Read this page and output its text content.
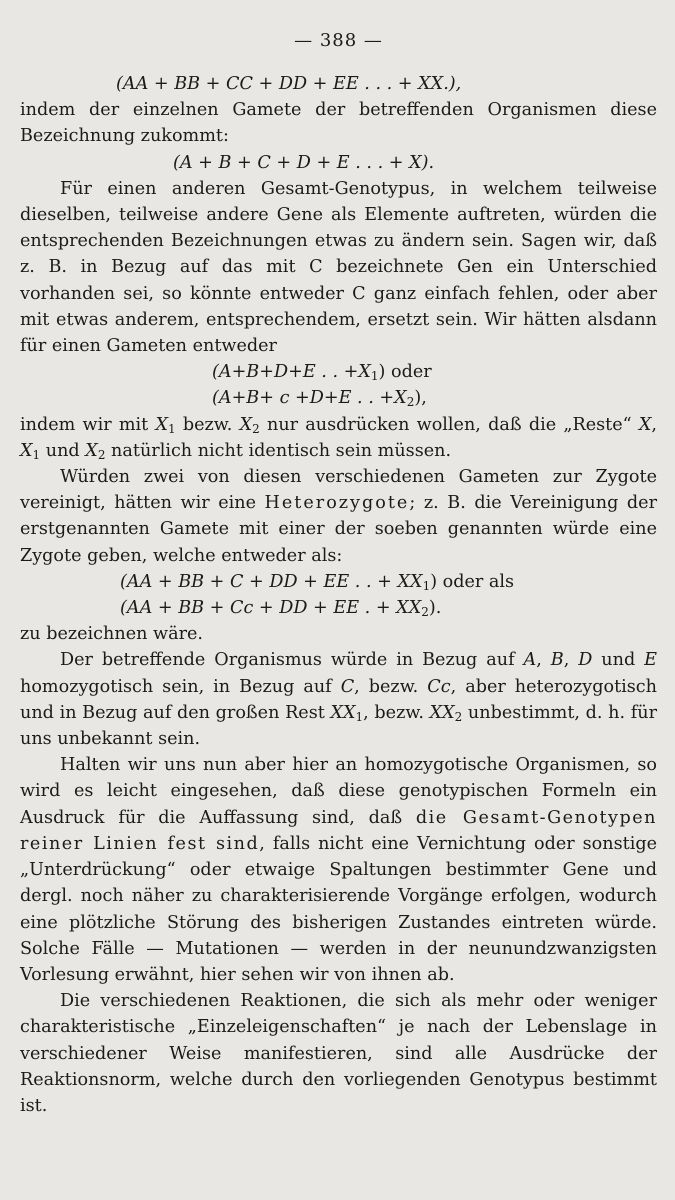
— 388 —
(AA + BB + CC + DD + EE . . . + XX.),

indem der einzelnen Gamete der betreffenden Organismen diese Bezeichnung zukommt:

(A + B + C + D + E . . . + X).

Für einen anderen Gesamt-Genotypus, in welchem teilweise dieselben, teilweise andere Gene als Elemente auftreten, würden die entsprechenden Bezeichnungen etwas zu ändern sein. Sagen wir, daß z. B. in Bezug auf das mit C bezeichnete Gen ein Unterschied vorhanden sei, so könnte entweder C ganz einfach fehlen, oder aber mit etwas anderem, entsprechendem, ersetzt sein. Wir hätten alsdann für einen Gameten entweder

(A+B+D+E . . $+X_1$) oder
(A+B+ c +D+E . . $+X_2$),

indem wir mit $X_1$ bezw. $X_2$ nur ausdrücken wollen, daß die „Reste“ X, $X_1$ und $X_2$ natürlich nicht identisch sein müssen.

Würden zwei von diesen verschiedenen Gameten zur Zygote vereinigt, hätten wir eine Heterozygote; z. B. die Vereinigung der erstgenannten Gamete mit einer der soeben genannten würde eine Zygote geben, welche entweder als:

(AA + BB + C + DD + EE . . + $XX_1$) oder als
(AA + BB + Cc + DD + EE . + $XX_2$).

zu bezeichnen wäre.

Der betreffende Organismus würde in Bezug auf A, B, D und E homozygotisch sein, in Bezug auf C, bezw. Cc, aber heterozygotisch und in Bezug auf den großen Rest $XX_1$, bezw. $XX_2$ unbestimmt, d. h. für uns unbekannt sein.

Halten wir uns nun aber hier an homozygotische Organismen, so wird es leicht eingesehen, daß diese genotypischen Formeln ein Ausdruck für die Auffassung sind, daß die Gesamt-Genotypen reiner Linien fest sind, falls nicht eine Vernichtung oder sonstige „Unterdrückung“ oder etwaige Spaltungen bestimmter Gene und dergl. noch näher zu charakterisierende Vorgänge erfolgen, wodurch eine plötzliche Störung des bisherigen Zustandes eintreten würde. Solche Fälle — Mutationen — werden in der neunundzwanzigsten Vorlesung erwähnt, hier sehen wir von ihnen ab.

Die verschiedenen Reaktionen, die sich als mehr oder weniger charakteristische „Einzeleigenschaften“ je nach der Lebenslage in verschiedener Weise manifestieren, sind alle Ausdrücke der Reaktionsnorm, welche durch den vorliegenden Genotypus bestimmt ist.
